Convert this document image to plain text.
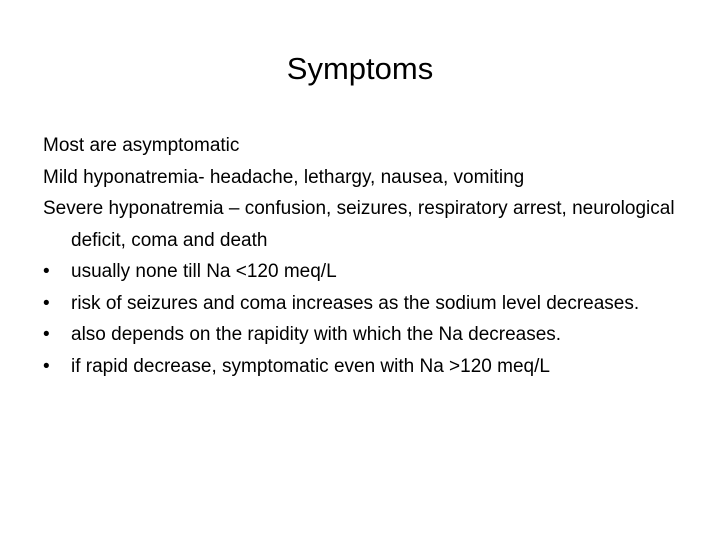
Symptoms

Most are asymptomatic

Mild hyponatremia- headache, lethargy, nausea, vomiting

Severe hyponatremia – confusion, seizures, respiratory arrest, neurological deficit, coma and death

•	usually none till Na <120 meq/L
•	risk of seizures and coma increases as the sodium level decreases.
•	also depends on the rapidity with which the Na decreases.
•	if rapid decrease, symptomatic even with Na >120 meq/L
